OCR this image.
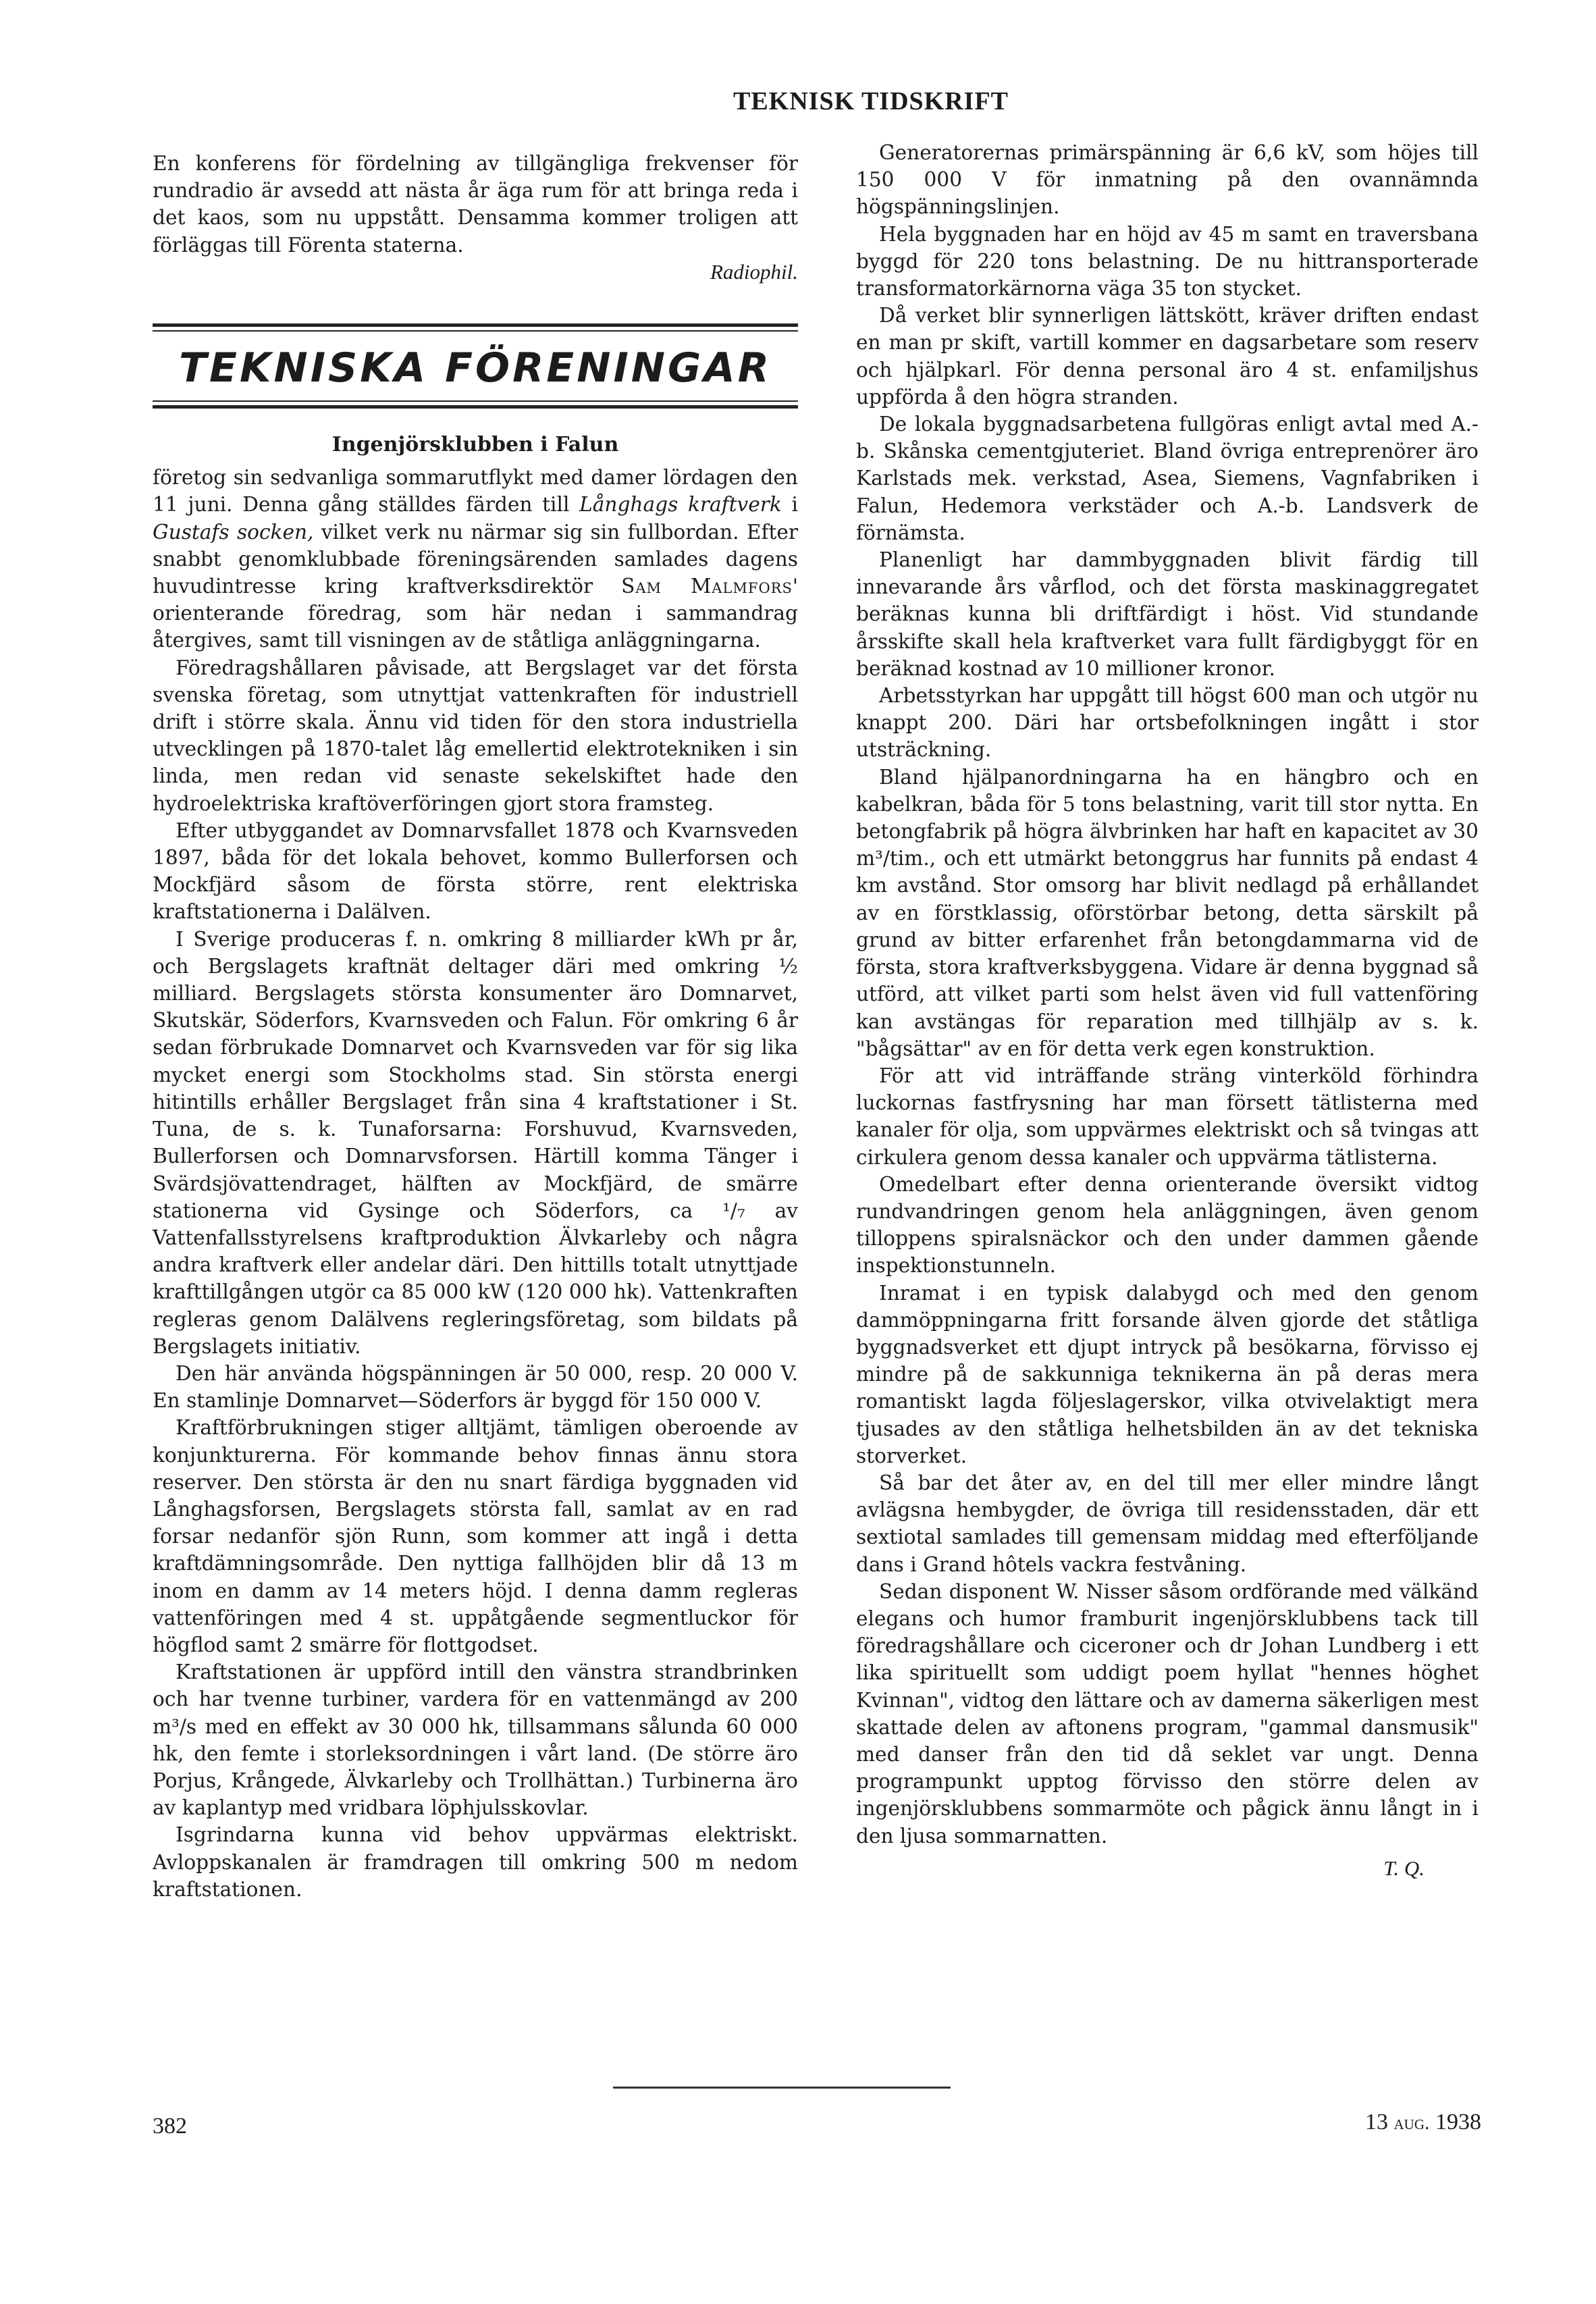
TEKNISK TIDSKRIFT

En konferens för fördelning av tillgängliga frekvenser för rundradio är avsedd att nästa år äga rum för att bringa reda i det kaos, som nu uppstått. Densamma kommer troligen att förläggas till Förenta staterna.

Radiophil.
TEKNISKA FÖRENINGAR
Ingenjörsklubben i Falun

företog sin sedvanliga sommarutflykt med damer lördagen den 11 juni. Denna gång ställdes färden till Långhags kraftverk i Gustafs socken, vilket verk nu närmar sig sin fullbordan. Efter snabbt genomklubbade föreningsärenden samlades dagens huvudintresse kring kraftverksdirektör Sam Malmfors' orienterande föredrag, som här nedan i sammandrag återgives, samt till visningen av de ståtliga anläggningarna.

Föredragshållaren påvisade, att Bergslaget var det första svenska företag, som utnyttjat vattenkraften för industriell drift i större skala. Ännu vid tiden för den stora industriella utvecklingen på 1870-talet låg emellertid elektrotekniken i sin linda, men redan vid senaste sekelskiftet hade den hydroelektriska kraftöverföringen gjort stora framsteg.

Efter utbyggandet av Domnarvsfallet 1878 och Kvarnsveden 1897, båda för det lokala behovet, kommo Bullerforsen och Mockfjärd såsom de första större, rent elektriska kraftstationerna i Dalälven.

I Sverige produceras f. n. omkring 8 milliarder kWh pr år, och Bergslagets kraftnät deltager däri med omkring ½ milliard. Bergslagets största konsumenter äro Domnarvet, Skutskär, Söderfors, Kvarnsveden och Falun. För omkring 6 år sedan förbrukade Domnarvet och Kvarnsveden var för sig lika mycket energi som Stockholms stad. Sin största energi hitintills erhåller Bergslaget från sina 4 kraftstationer i St. Tuna, de s. k. Tunaforsarna: Forshuvud, Kvarnsveden, Bullerforsen och Domnarvsforsen. Härtill komma Tänger i Svärdsjövattendraget, hälften av Mockfjärd, de smärre stationerna vid Gysinge och Söderfors, ca ¹/₇ av Vattenfallsstyrelsens kraftproduktion Älvkarleby och några andra kraftverk eller andelar däri. Den hittills totalt utnyttjade krafttillgången utgör ca 85 000 kW (120 000 hk). Vattenkraften regleras genom Dalälvens regleringsföretag, som bildats på Bergslagets initiativ.

Den här använda högspänningen är 50 000, resp. 20 000 V. En stamlinje Domnarvet—Söderfors är byggd för 150 000 V.

Kraftförbrukningen stiger alltjämt, tämligen oberoende av konjunkturerna. För kommande behov finnas ännu stora reserver. Den största är den nu snart färdiga byggnaden vid Långhagsforsen, Bergslagets största fall, samlat av en rad forsar nedanför sjön Runn, som kommer att ingå i detta kraftdämningsområde. Den nyttiga fallhöjden blir då 13 m inom en damm av 14 meters höjd. I denna damm regleras vattenföringen med 4 st. uppåtgående segmentluckor för högflod samt 2 smärre för flottgodset.

Kraftstationen är uppförd intill den vänstra strandbrinken och har tvenne turbiner, vardera för en vattenmängd av 200 m³/s med en effekt av 30 000 hk, tillsammans sålunda 60 000 hk, den femte i storleksordningen i vårt land. (De större äro Porjus, Krångede, Älvkarleby och Trollhättan.) Turbinerna äro av kaplantyp med vridbara löphjulsskovlar.

Isgrindarna kunna vid behov uppvärmas elektriskt. Avloppskanalen är framdragen till omkring 500 m nedom kraftstationen.

Generatorernas primärspänning är 6,6 kV, som höjes till 150 000 V för inmatning på den ovannämnda högspänningslinjen.

Hela byggnaden har en höjd av 45 m samt en traversbana byggd för 220 tons belastning. De nu hittransporterade transformatorkärnorna väga 35 ton stycket.

Då verket blir synnerligen lättskött, kräver driften endast en man pr skift, vartill kommer en dagsarbetare som reserv och hjälpkarl. För denna personal äro 4 st. enfamiljshus uppförda å den högra stranden.

De lokala byggnadsarbetena fullgöras enligt avtal med A.-b. Skånska cementgjuteriet. Bland övriga entreprenörer äro Karlstads mek. verkstad, Asea, Siemens, Vagnfabriken i Falun, Hedemora verkstäder och A.-b. Landsverk de förnämsta.

Planenligt har dammbyggnaden blivit färdig till innevarande års vårflod, och det första maskinaggregatet beräknas kunna bli driftfärdigt i höst. Vid stundande årsskifte skall hela kraftverket vara fullt färdigbyggt för en beräknad kostnad av 10 millioner kronor.

Arbetsstyrkan har uppgått till högst 600 man och utgör nu knappt 200. Däri har ortsbefolkningen ingått i stor utsträckning.

Bland hjälpanordningarna ha en hängbro och en kabelkran, båda för 5 tons belastning, varit till stor nytta. En betongfabrik på högra älvbrinken har haft en kapacitet av 30 m³/tim., och ett utmärkt betonggrus har funnits på endast 4 km avstånd. Stor omsorg har blivit nedlagd på erhållandet av en förstklassig, oförstörbar betong, detta särskilt på grund av bitter erfarenhet från betongdammarna vid de första, stora kraftverksbyggena. Vidare är denna byggnad så utförd, att vilket parti som helst även vid full vattenföring kan avstängas för reparation med tillhjälp av s. k. "bågsättar" av en för detta verk egen konstruktion.

För att vid inträffande sträng vinterköld förhindra luckornas fastfrysning har man försett tätlisterna med kanaler för olja, som uppvärmes elektriskt och så tvingas att cirkulera genom dessa kanaler och uppvärma tätlisterna.

Omedelbart efter denna orienterande översikt vidtog rundvandringen genom hela anläggningen, även genom tilloppens spiralsnäckor och den under dammen gående inspektionstunneln.

Inramat i en typisk dalabygd och med den genom dammöppningarna fritt forsande älven gjorde det ståtliga byggnadsverket ett djupt intryck på besökarna, förvisso ej mindre på de sakkunniga teknikerna än på deras mera romantiskt lagda följeslagerskor, vilka otvivelaktigt mera tjusades av den ståtliga helhetsbilden än av det tekniska storverket.

Så bar det åter av, en del till mer eller mindre långt avlägsna hembygder, de övriga till residensstaden, där ett sextiotal samlades till gemensam middag med efterföljande dans i Grand hôtels vackra festvåning.

Sedan disponent W. Nisser såsom ordförande med välkänd elegans och humor framburit ingenjörsklubbens tack till föredragshållare och ciceroner och dr Johan Lundberg i ett lika spirituellt som uddigt poem hyllat "hennes höghet Kvinnan", vidtog den lättare och av damerna säkerligen mest skattade delen av aftonens program, "gammal dansmusik" med danser från den tid då seklet var ungt. Denna programpunkt upptog förvisso den större delen av ingenjörsklubbens sommarmöte och pågick ännu långt in i den ljusa sommarnatten.

T. Q.
382	13 aug. 1938
